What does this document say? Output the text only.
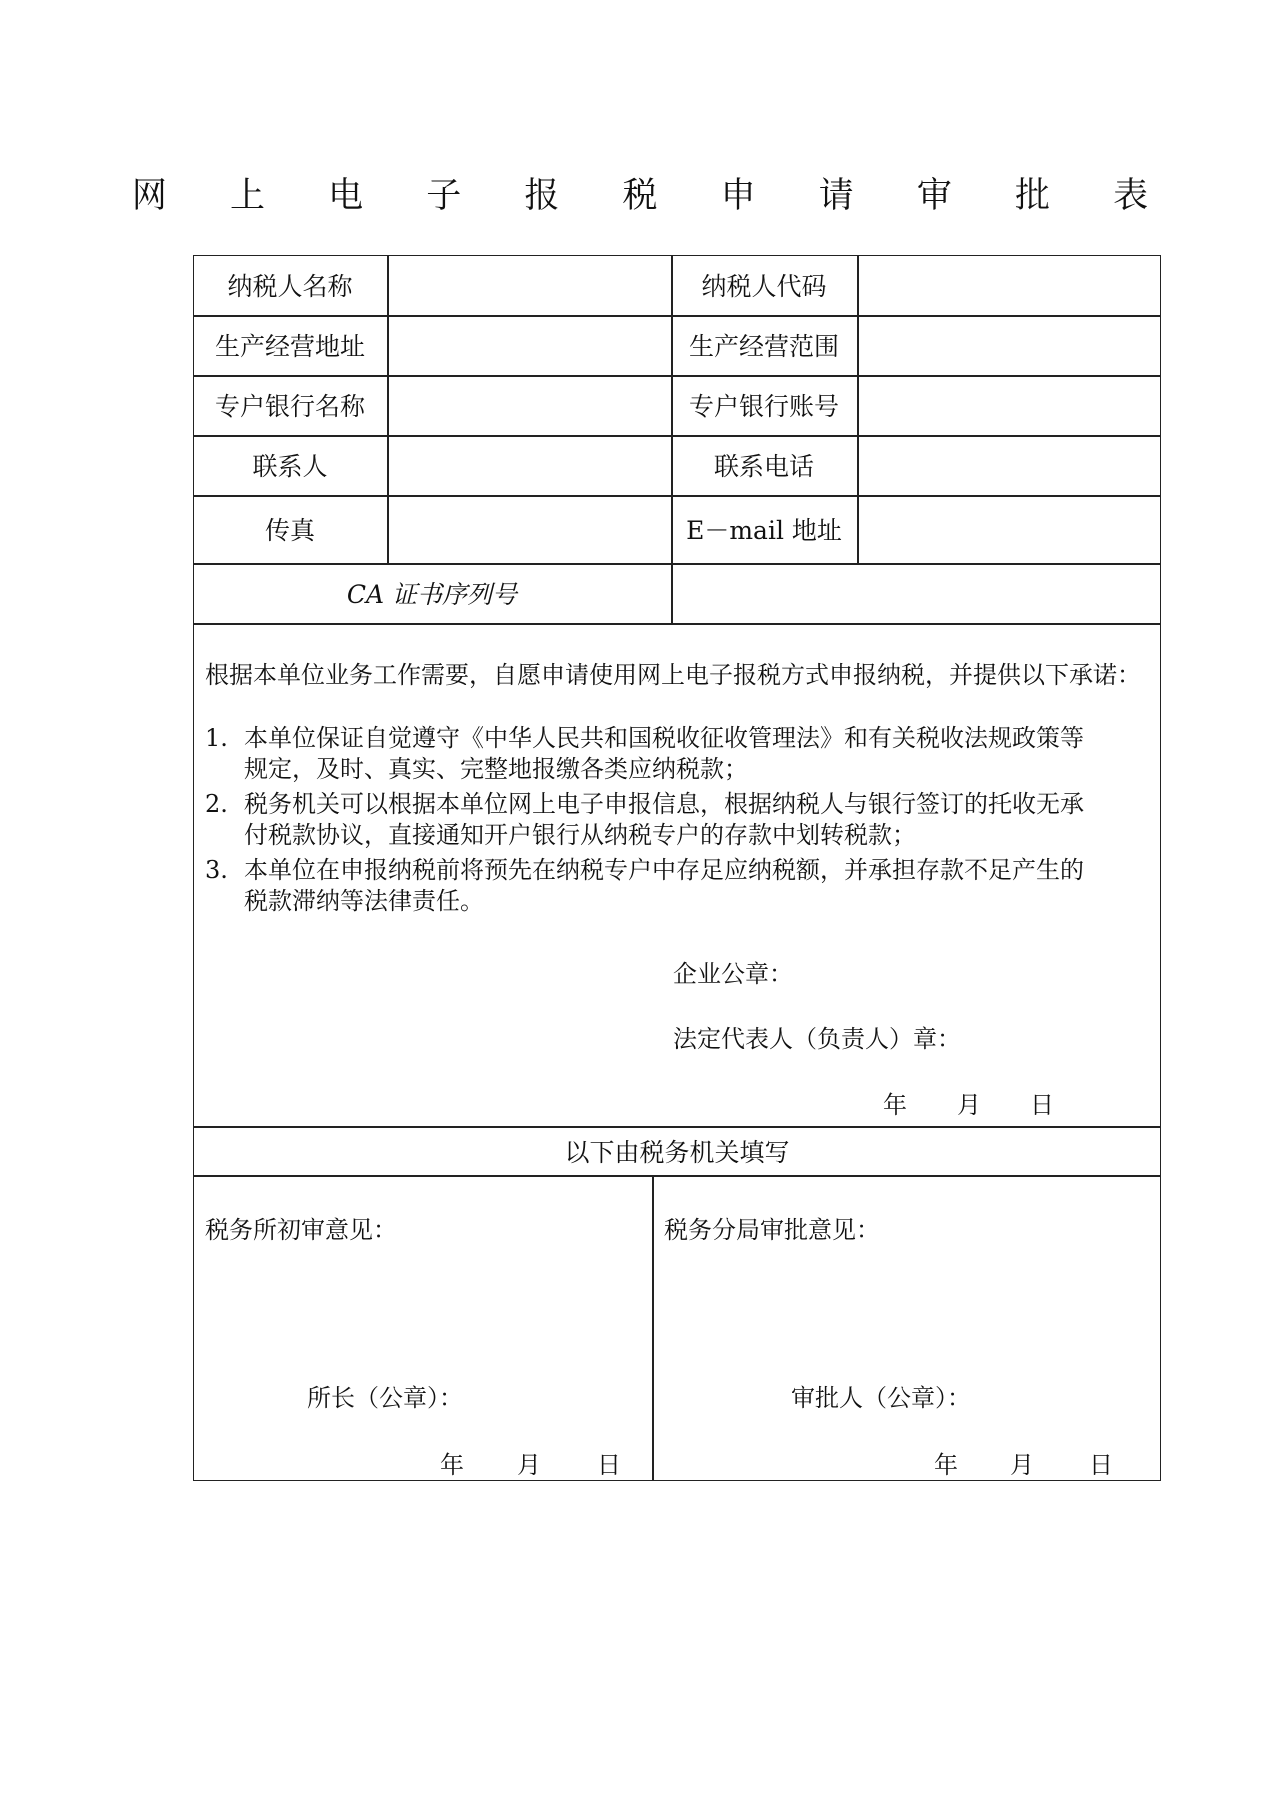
网 上 电 子 报 税 申 请 审 批 表
纳税人名称	纳税人代码
生产经营地址	生产经营范围
专户银行名称	专户银行账号
联系人	联系电话
传真	E－mail 地址
CA 证书序列号
根据本单位业务工作需要，自愿申请使用网上电子报税方式申报纳税，并提供以下承诺：
1. 本单位保证自觉遵守《中华人民共和国税收征收管理法》和有关税收法规政策等
规定，及时、真实、完整地报缴各类应纳税款；
2. 税务机关可以根据本单位网上电子申报信息，根据纳税人与银行签订的托收无承
付税款协议，直接通知开户银行从纳税专户的存款中划转税款；
3. 本单位在申报纳税前将预先在纳税专户中存足应纳税额，并承担存款不足产生的
税款滞纳等法律责任。
企业公章：
法定代表人（负责人）章：
年 月 日
以下由税务机关填写
税务所初审意见：
所长（公章）：
年 月 日
税务分局审批意见：
审批人（公章）：
年 月 日
